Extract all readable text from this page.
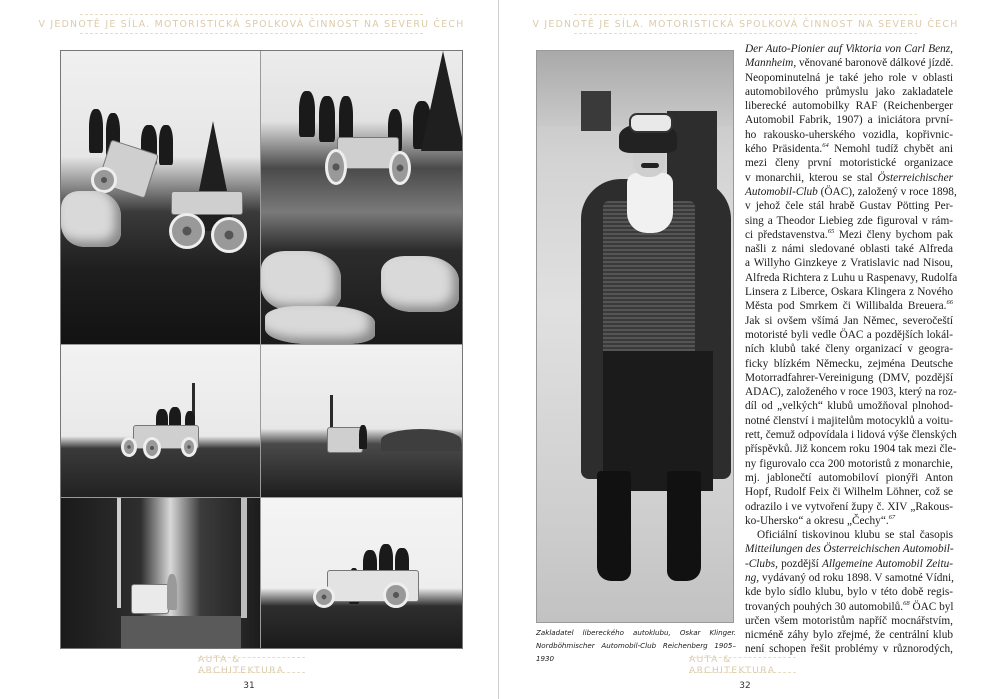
V JEDNOTĚ JE SÍLA. MOTORISTICKÁ SPOLKOVÁ ČINNOST NA SEVERU ČECH
AUTA & ARCHITEKTURA
31
V JEDNOTĚ JE SÍLA. MOTORISTICKÁ SPOLKOVÁ ČINNOST NA SEVERU ČECH
AUTA & ARCHITEKTURA
32
Zakladatel libereckého autoklubu, Oskar Klinger. Nordböhmischer Automobil-Club Reichenberg 1905–1930
Der Auto-Pionier auf Viktoria von Carl Benz,
Mannheim, věnované baronově dálkové jízdě.
Neopominutelná je také jeho role v oblasti
automobilového průmyslu jako zakladatele
liberecké automobilky RAF (Reichenberger
Automobil Fabrik, 1907) a iniciátora první-
ho rakousko-uherského vozidla, kopřivnic-
kého Präsidenta.$^{64}$ Nemohl tudíž chybět ani
mezi členy první motoristické organizace
v monarchii, kterou se stal Österreichischer
Automobil-Club (ÖAC), založený v roce 1898,
v jehož čele stál hrabě Gustav Pötting Per-
sing a Theodor Liebieg zde figuroval v rám-
ci představenstva.$^{65}$ Mezi členy bychom pak
našli z námi sledované oblasti také Alfreda
a Willyho Ginzkeye z Vratislavic nad Nisou,
Alfreda Richtera z Luhu u Raspenavy, Rudolfa
Linsera z Liberce, Oskara Klingera z Nového
Města pod Smrkem či Willibalda Breuera.$^{66}$
Jak si ovšem všímá Jan Němec, severočeští
motoristé byli vedle ÖAC a pozdějších lokál-
ních klubů také členy organizací v geogra-
ficky blízkém Německu, zejména Deutsche
Motorradfahrer-Vereinigung (DMV, pozdější
ADAC), založeného v roce 1903, který na roz-
díl od „velkých“ klubů umožňoval plnohod-
notné členství i majitelům motocyklů a voitu-
rett, čemuž odpovídala i lidová výše členských
příspěvků. Již koncem roku 1904 tak mezi čle-
ny figurovalo cca 200 motoristů z monarchie,
mj. jablonečtí automobiloví pionýři Anton
Hopf, Rudolf Feix či Wilhelm Löhner, což se
odrazilo i ve vytvoření župy č. XIV „Rakous-
ko-Uhersko“ a okresu „Čechy“.$^{67}$
Oficiální tiskovinou klubu se stal časopis
Mitteilungen des Österreichischen Automobil-
-Clubs, pozdější Allgemeine Automobil Zeitu-
ng, vydávaný od roku 1898. V samotné Vídni,
kde bylo sídlo klubu, bylo v této době regis-
trovaných pouhých 30 automobilů.$^{68}$ ÖAC byl
určen všem motoristům napříč mocnářstvím,
nicméně záhy bylo zřejmé, že centrální klub
není schopen řešit problémy v různorodých,
